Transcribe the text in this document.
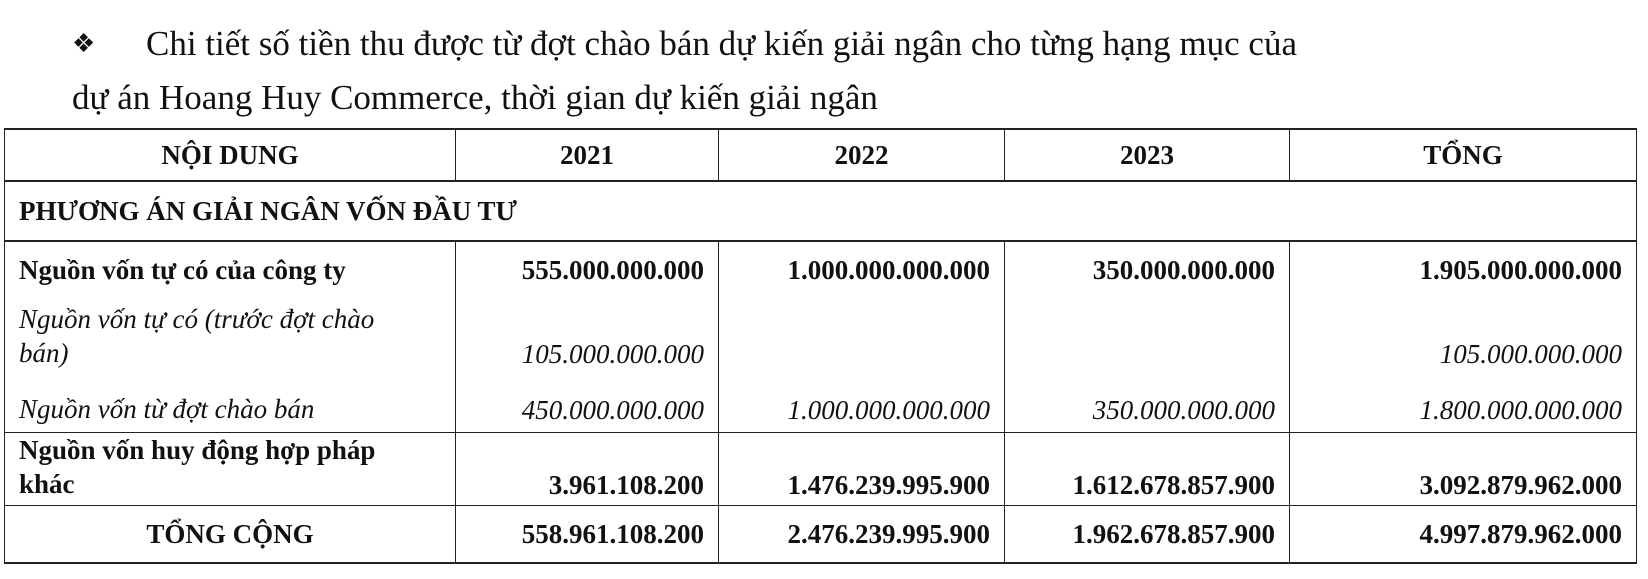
❖ Chi tiết số tiền thu được từ đợt chào bán dự kiến giải ngân cho từng hạng mục của
dự án Hoang Huy Commerce, thời gian dự kiến giải ngân
NỘI DUNG	2021	2022	2023	TỔNG
PHƯƠNG ÁN GIẢI NGÂN VỐN ĐẦU TƯ				
Nguồn vốn tự có của công ty	555.000.000.000	1.000.000.000.000	350.000.000.000	1.905.000.000.000

Nguồn vốn tự có (trước đợt chào
bán)	105.000.000.000			105.000.000.000
Nguồn vốn từ đợt chào bán	450.000.000.000	1.000.000.000.000	350.000.000.000	1.800.000.000.000

Nguồn vốn huy động hợp pháp
khác	3.961.108.200	1.476.239.995.900	1.612.678.857.900	3.092.879.962.000
TỔNG CỘNG	558.961.108.200	2.476.239.995.900	1.962.678.857.900	4.997.879.962.000
